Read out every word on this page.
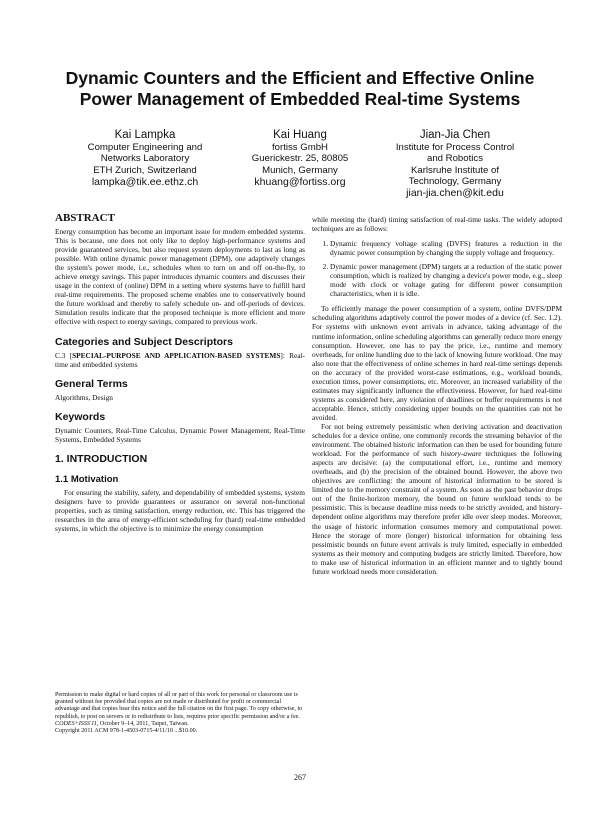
Dynamic Counters and the Efficient and Effective Online
Power Management of Embedded Real-time Systems
Kai Lampka
Computer Engineering and
Networks Laboratory
ETH Zurich, Switzerland
lampka@tik.ee.ethz.ch
Kai Huang
fortiss GmbH
Guerickestr. 25, 80805
Munich, Germany
khuang@fortiss.org
Jian-Jia Chen
Institute for Process Control
and Robotics
Karlsruhe Institute of
Technology, Germany
jian-jia.chen@kit.edu
ABSTRACT

Energy consumption has become an important issue for modern embedded systems. This is because, one does not only like to deploy high-performance systems and provide guaranteed services, but also request system deployments to last as long as possible. With online dynamic power management (DPM), one adaptively changes the system's power mode, i.e., schedules when to turn on and off on-the-fly, to achieve energy savings. This paper introduces dynamic counters and discusses their usage in the context of (online) DPM in a setting where systems have to fulfill hard real-time requirements. The proposed scheme enables one to conservatively bound the future workload and thereby to safely schedule on- and off-periods of devices. Simulation results indicate that the proposed technique is more efficient and more effective with respect to energy savings, compared to previous work.

Categories and Subject Descriptors

C.3 [SPECIAL-PURPOSE AND APPLICATION-BASED SYSTEMS]: Real-time and embedded systems

General Terms

Algorithms, Design

Keywords

Dynamic Counters, Real-Time Calculus, Dynamic Power Management, Real-Time Systems, Embedded Systems

1. INTRODUCTION
1.1 Motivation

For ensuring the stability, safety, and dependability of embedded systems, system designers have to provide guarantees or assurance on several non-functional properties, such as timing satisfaction, energy reduction, etc. This has triggered the researches in the area of energy-efficient scheduling for (hard) real-time embedded systems, in which the objective is to minimize the energy consumption

while meeting the (hard) timing satisfaction of real-time tasks. The widely adopted techniques are as follows:

1. Dynamic frequency voltage scaling (DVFS) features a reduction in the dynamic power consumption by changing the supply voltage and frequency.
2. Dynamic power management (DPM) targets at a reduction of the static power consumption, which is realized by changing a device's power mode, e.g., sleep mode with clock or voltage gating for different power consumption characteristics, when it is idle.

To efficiently manage the power consumption of a system, online DVFS/DPM scheduling algorithms adaptively control the power modes of a device (cf. Sec. 1.2). For systems with unknown event arrivals in advance, taking advantage of the runtime information, online scheduling algorithms can generally reduce more energy consumption. However, one has to pay the price, i.e., runtime and memory overheads, for online handling due to the lack of knowing future workload. One may also note that the effectiveness of online schemes in hard real-time settings depends on the accuracy of the provided worst-case estimations, e.g., workload bounds, execution times, power consumptions, etc. Moreover, an increased variability of the estimates may significantly influence the effectiveness. However, for hard real-time systems as considered here, any violation of deadlines or buffer requirements is not acceptable. Hence, strictly considering upper bounds on the quantities can not be avoided.

For not being extremely pessimistic when deriving activation and deactivation schedules for a device online, one commonly records the streaming behavior of the environment. The obtained historic information can then be used for bounding future workload. For the performance of such history-aware techniques the following aspects are decisive: (a) the computational effort, i.e., runtime and memory overheads, and (b) the precision of the obtained bound. However, the above two objectives are conflicting: the amount of historical information to be stored is limited due to the memory constraint of a system. As soon as the past behavior drops out of the finite-horizon memory, the bound on future workload tends to be pessimistic. This is because deadline miss needs to be strictly avoided, and history-dependent online algorithms may therefore prefer idle over sleep modes. Moreover, the usage of historic information consumes memory and computational power. Hence the storage of more (longer) historical information for obtaining less pessimistic bounds on future event arrivals is truly limited, especially in embedded systems as their memory and computing budgets are strictly limited. Therefore, how to make use of historical information in an efficient manner and to tightly bound future workload needs more consideration.

Permission to make digital or hard copies of all or part of this work for personal or classroom use is granted without fee provided that copies are not made or distributed for profit or commercial advantage and that copies bear this notice and the full citation on the first page. To copy otherwise, to republish, to post on servers or to redistribute to lists, requires prior specific permission and/or a fee.

CODES+ISSS'11, October 9–14, 2011, Taipei, Taiwan.

Copyright 2011 ACM 978-1-4503-0715-4/11/10 ...$10.00.

267
